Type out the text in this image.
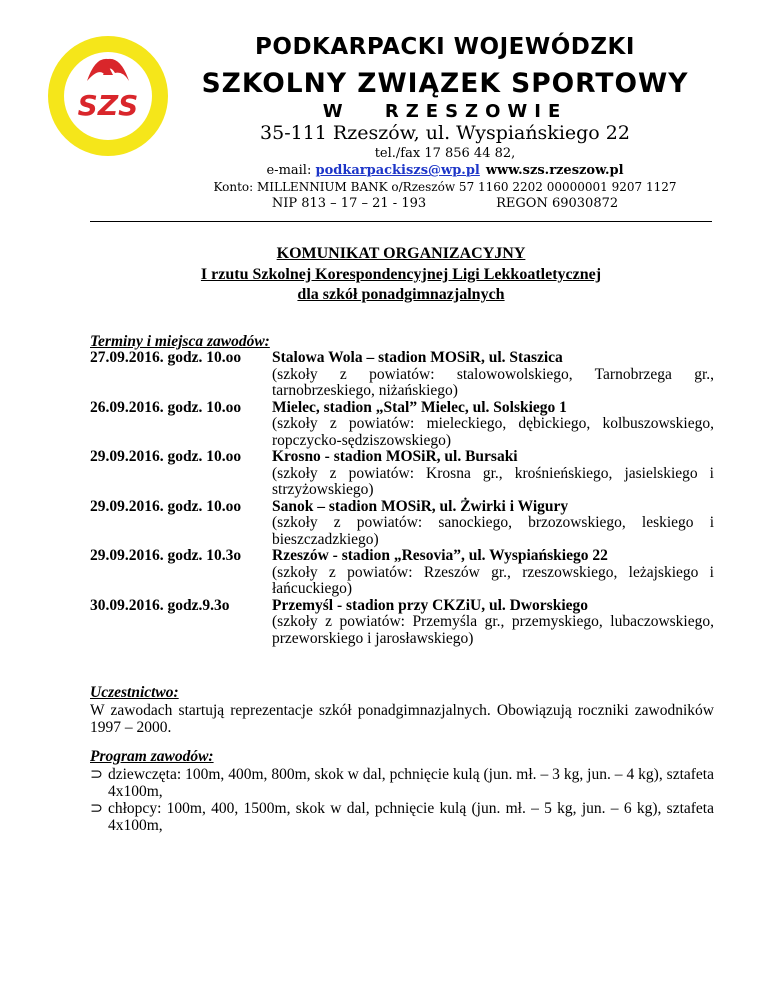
SZS
PODKARPACKI WOJEWÓDZKI
SZKOLNY ZWIĄZEK SPORTOWY
W RZESZOWIE
35-111 Rzeszów, ul. Wyspiańskiego 22
tel./fax 17 856 44 82,
e-mail: podkarpackiszs@wp.pl www.szs.rzeszow.pl
Konto: MILLENNIUM BANK o/Rzeszów 57 1160 2202 00000001 9207 1127
NIP 813 – 17 – 21 - 193	REGON 69030872
KOMUNIKAT ORGANIZACYJNY
I rzutu Szkolnej Korespondencyjnej Ligi Lekkoatletycznej
dla szkół ponadgimnazjalnych
Terminy i miejsca zawodów:
27.09.2016. godz. 10.oo	Stalowa Wola – stadion MOSiR, ul. Staszica
(szkoły z powiatów: stalowowolskiego, Tarnobrzega gr., tarnobrzeskiego, niżańskiego)
26.09.2016. godz. 10.oo	Mielec, stadion „Stal” Mielec, ul. Solskiego 1
(szkoły z powiatów: mieleckiego, dębickiego, kolbuszowskiego, ropczycko-sędziszowskiego)
29.09.2016. godz. 10.oo	Krosno - stadion MOSiR, ul. Bursaki
(szkoły z powiatów: Krosna gr., krośnieńskiego, jasielskiego i strzyżowskiego)
29.09.2016. godz. 10.oo	Sanok – stadion MOSiR, ul. Żwirki i Wigury
(szkoły z powiatów: sanockiego, brzozowskiego, leskiego i bieszczadzkiego)
29.09.2016. godz. 10.3o	Rzeszów - stadion „Resovia”, ul. Wyspiańskiego 22
(szkoły z powiatów: Rzeszów gr., rzeszowskiego, leżajskiego i łańcuckiego)
30.09.2016. godz.9.3o	Przemyśl - stadion przy CKZiU, ul. Dworskiego
(szkoły z powiatów: Przemyśla gr., przemyskiego, lubaczowskiego, przeworskiego i jarosławskiego)
Uczestnictwo:
W zawodach startują reprezentacje szkół ponadgimnazjalnych. Obowiązują roczniki zawodników 1997 – 2000.
Program zawodów:
⊃ dziewczęta: 100m, 400m, 800m, skok w dal, pchnięcie kulą (jun. mł. – 3 kg, jun. – 4 kg), sztafeta 4x100m,
⊃ chłopcy: 100m, 400, 1500m, skok w dal, pchnięcie kulą (jun. mł. – 5 kg, jun. – 6 kg), sztafeta 4x100m,
